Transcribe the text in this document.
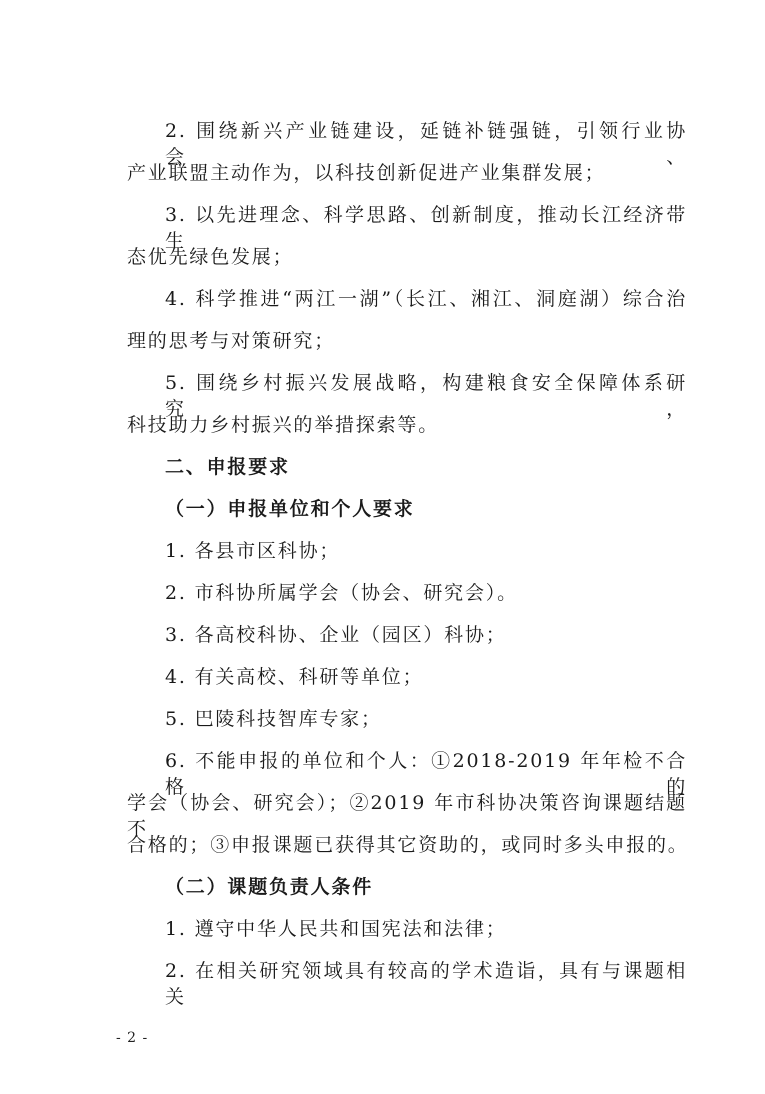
2. 围绕新兴产业链建设，延链补链强链，引领行业协会、
产业联盟主动作为，以科技创新促进产业集群发展；
3. 以先进理念、科学思路、创新制度，推动长江经济带生
态优先绿色发展；
4. 科学推进“两江一湖”（长江、湘江、洞庭湖）综合治
理的思考与对策研究；
5. 围绕乡村振兴发展战略，构建粮食安全保障体系研究，
科技助力乡村振兴的举措探索等。
二、申报要求
（一）申报单位和个人要求
1. 各县市区科协；
2. 市科协所属学会（协会、研究会）。
3. 各高校科协、企业（园区）科协；
4. 有关高校、科研等单位；
5. 巴陵科技智库专家；
6. 不能申报的单位和个人：①2018-2019 年年检不合格的
学会（协会、研究会）；②2019 年市科协决策咨询课题结题不
合格的；③申报课题已获得其它资助的，或同时多头申报的。
（二）课题负责人条件
1. 遵守中华人民共和国宪法和法律；
2. 在相关研究领域具有较高的学术造诣，具有与课题相关
- 2 -
